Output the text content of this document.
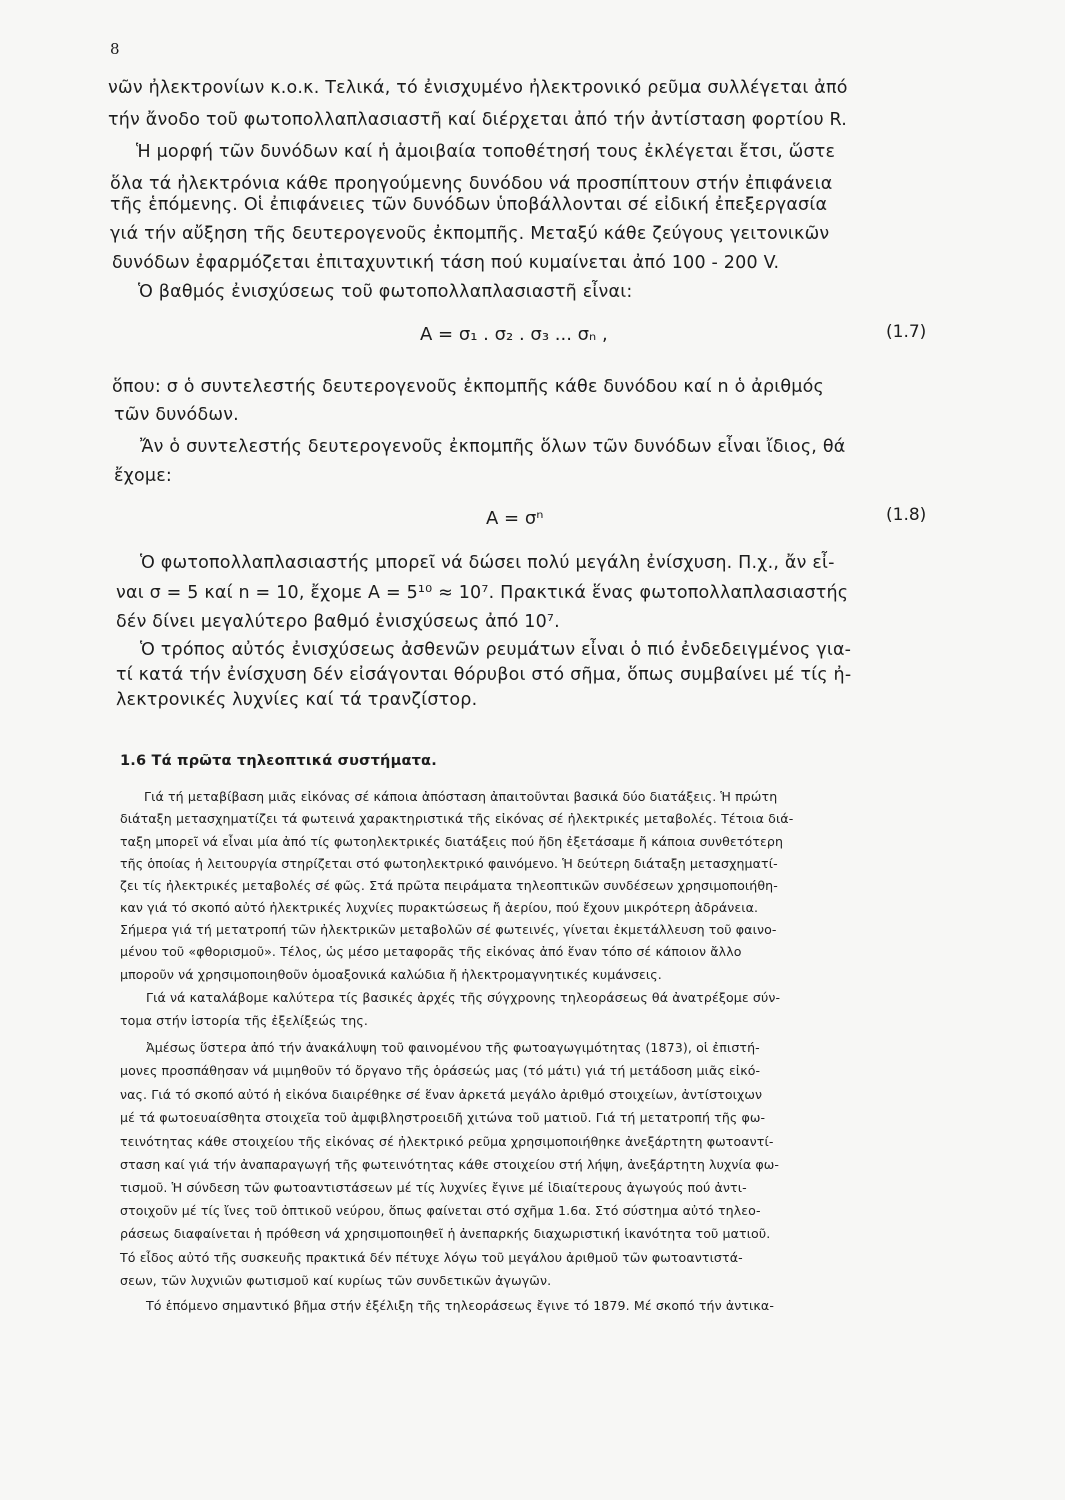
8
νῶν ἠλεκτρονίων κ.ο.κ. Τελικά, τό ἐνισχυμένο ἠλεκτρονικό ρεῦμα συλλέγεται ἀπό
τήν ἄνοδο τοῦ φωτοπολλαπλασιαστῆ καί διέρχεται ἀπό τήν ἀντίσταση φορτίου R.
Ἡ μορφή τῶν δυνόδων καί ἡ ἀμοιβαία τοποθέτησή τους ἐκλέγεται ἔτσι, ὥστε
ὅλα τά ἠλεκτρόνια κάθε προηγούμενης δυνόδου νά προσπίπτουν στήν ἐπιφάνεια
τῆς ἑπόμενης. Οἱ ἐπιφάνειες τῶν δυνόδων ὑποβάλλονται σέ εἰδική ἐπεξεργασία
γιά τήν αὔξηση τῆς δευτερογενοῦς ἐκπομπῆς. Μεταξύ κάθε ζεύγους γειτονικῶν
δυνόδων ἐφαρμόζεται ἐπιταχυντική τάση πού κυμαίνεται ἀπό 100 - 200 V.
Ὁ βαθμός ἐνισχύσεως τοῦ φωτοπολλαπλασιαστῆ εἶναι:
A = σ₁ . σ₂ . σ₃ ... σₙ ,	(1.7)
ὅπου: σ ὁ συντελεστής δευτερογενοῦς ἐκπομπῆς κάθε δυνόδου καί n ὁ ἀριθμός
τῶν δυνόδων.
Ἄν ὁ συντελεστής δευτερογενοῦς ἐκπομπῆς ὅλων τῶν δυνόδων εἶναι ἴδιος, θά
ἔχομε:
A = σⁿ	(1.8)
Ὁ φωτοπολλαπλασιαστής μπορεῖ νά δώσει πολύ μεγάλη ἐνίσχυση. Π.χ., ἄν εἶ-
ναι σ = 5 καί n = 10, ἔχομε A = 5¹⁰ ≈ 10⁷. Πρακτικά ἕνας φωτοπολλαπλασιαστής
δέν δίνει μεγαλύτερο βαθμό ἐνισχύσεως ἀπό 10⁷.
Ὁ τρόπος αὐτός ἐνισχύσεως ἀσθενῶν ρευμάτων εἶναι ὁ πιό ἐνδεδειγμένος για-
τί κατά τήν ἐνίσχυση δέν εἰσάγονται θόρυβοι στό σῆμα, ὅπως συμβαίνει μέ τίς ἠ-
λεκτρονικές λυχνίες καί τά τρανζίστορ.
1.6 Τά πρῶτα τηλεοπτικά συστήματα.
Γιά τή μεταβίβαση μιᾶς εἰκόνας σέ κάποια ἀπόσταση ἀπαιτοῦνται βασικά δύο διατάξεις. Ἡ πρώτη
διάταξη μετασχηματίζει τά φωτεινά χαρακτηριστικά τῆς εἰκόνας σέ ἠλεκτρικές μεταβολές. Τέτοια διά-
ταξη μπορεῖ νά εἶναι μία ἀπό τίς φωτοηλεκτρικές διατάξεις πού ἤδη ἐξετάσαμε ἤ κάποια συνθετότερη
τῆς ὁποίας ἡ λειτουργία στηρίζεται στό φωτοηλεκτρικό φαινόμενο. Ἡ δεύτερη διάταξη μετασχηματί-
ζει τίς ἠλεκτρικές μεταβολές σέ φῶς. Στά πρῶτα πειράματα τηλεοπτικῶν συνδέσεων χρησιμοποιήθη-
καν γιά τό σκοπό αὐτό ἠλεκτρικές λυχνίες πυρακτώσεως ἤ ἀερίου, πού ἔχουν μικρότερη ἀδράνεια.
Σήμερα γιά τή μετατροπή τῶν ἠλεκτρικῶν μεταβολῶν σέ φωτεινές, γίνεται ἐκμετάλλευση τοῦ φαινο-
μένου τοῦ «φθορισμοῦ». Τέλος, ὡς μέσο μεταφορᾶς τῆς εἰκόνας ἀπό ἕναν τόπο σέ κάποιον ἄλλο
μποροῦν νά χρησιμοποιηθοῦν ὁμοαξονικά καλώδια ἤ ἠλεκτρομαγνητικές κυμάνσεις.
Γιά νά καταλάβομε καλύτερα τίς βασικές ἀρχές τῆς σύγχρονης τηλεοράσεως θά ἀνατρέξομε σύν-
τομα στήν ἱστορία τῆς ἐξελίξεώς της.
Ἀμέσως ὕστερα ἀπό τήν ἀνακάλυψη τοῦ φαινομένου τῆς φωτοαγωγιμότητας (1873), οἱ ἐπιστή-
μονες προσπάθησαν νά μιμηθοῦν τό ὄργανο τῆς ὁράσεώς μας (τό μάτι) γιά τή μετάδοση μιᾶς εἰκό-
νας. Γιά τό σκοπό αὐτό ἡ εἰκόνα διαιρέθηκε σέ ἕναν ἀρκετά μεγάλο ἀριθμό στοιχείων, ἀντίστοιχων
μέ τά φωτοευαίσθητα στοιχεῖα τοῦ ἀμφιβληστροειδῆ χιτώνα τοῦ ματιοῦ. Γιά τή μετατροπή τῆς φω-
τεινότητας κάθε στοιχείου τῆς εἰκόνας σέ ἠλεκτρικό ρεῦμα χρησιμοποιήθηκε ἀνεξάρτητη φωτοαντί-
σταση καί γιά τήν ἀναπαραγωγή τῆς φωτεινότητας κάθε στοιχείου στή λήψη, ἀνεξάρτητη λυχνία φω-
τισμοῦ. Ἡ σύνδεση τῶν φωτοαντιστάσεων μέ τίς λυχνίες ἔγινε μέ ἰδιαίτερους ἀγωγούς πού ἀντι-
στοιχοῦν μέ τίς ἴνες τοῦ ὀπτικοῦ νεύρου, ὅπως φαίνεται στό σχῆμα 1.6α. Στό σύστημα αὐτό τηλεο-
ράσεως διαφαίνεται ἡ πρόθεση νά χρησιμοποιηθεῖ ἡ ἀνεπαρκής διαχωριστική ἱκανότητα τοῦ ματιοῦ.
Τό εἶδος αὐτό τῆς συσκευῆς πρακτικά δέν πέτυχε λόγω τοῦ μεγάλου ἀριθμοῦ τῶν φωτοαντιστά-
σεων, τῶν λυχνιῶν φωτισμοῦ καί κυρίως τῶν συνδετικῶν ἀγωγῶν.
Τό ἑπόμενο σημαντικό βῆμα στήν ἐξέλιξη τῆς τηλεοράσεως ἔγινε τό 1879. Μέ σκοπό τήν ἀντικα-
